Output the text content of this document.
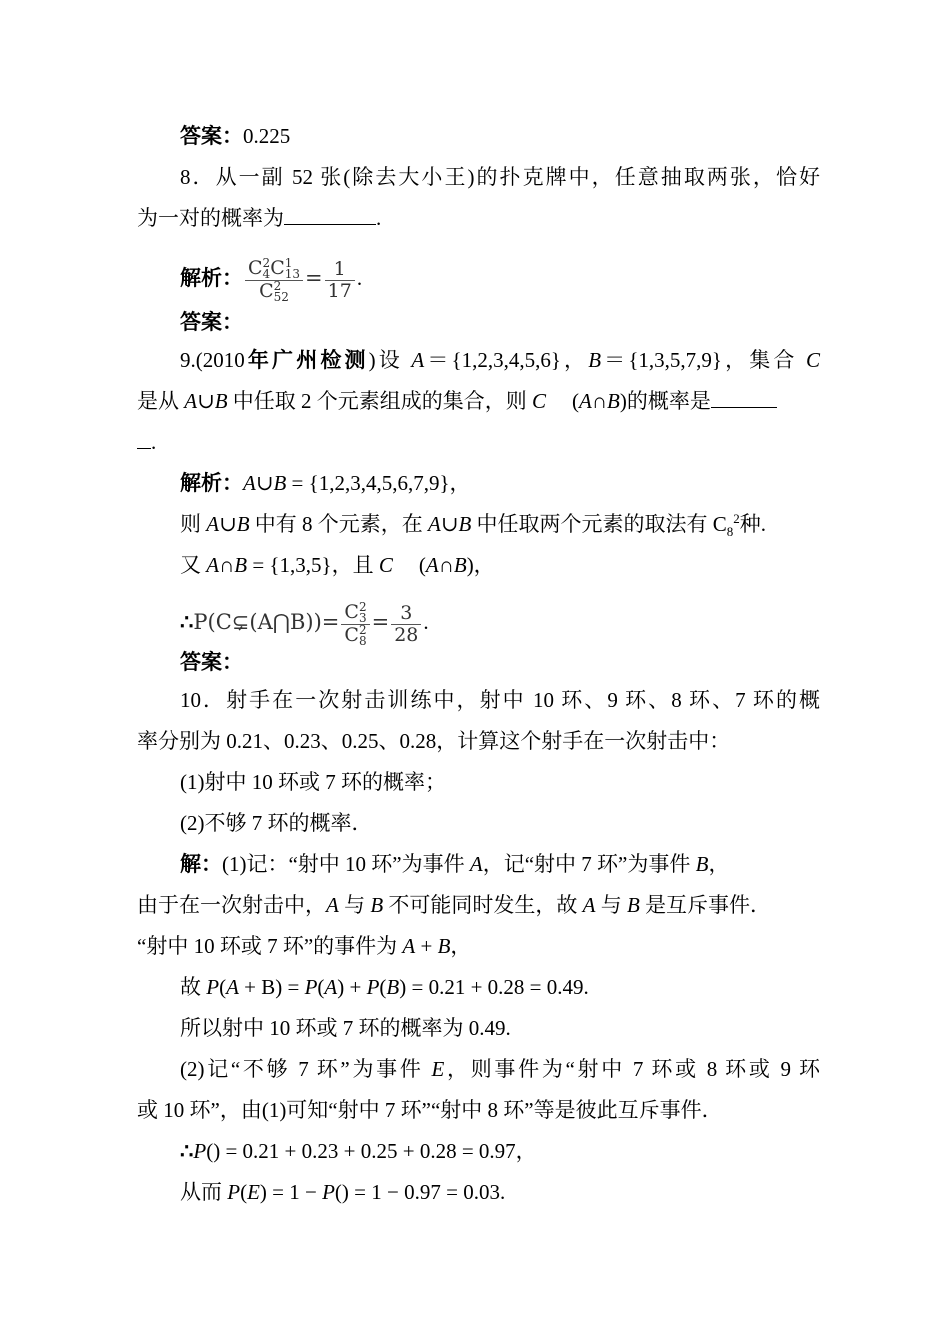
答案：0.225
8．从一副 52 张(除去大小王)的扑克牌中，任意抽取两张，恰好
为一对的概率为	.
解析： C 2
4 C 1
13
C 2
$52 = \frac{1}{17}$ .
答案：
9.(2010年广州检测)设 A＝{1,2,3,4,5,6}，B＝{1,3,5,7,9}，集合 C
是从 A∪B 中任取 2 个元素组成的集合，则 C (A∩B)的概率是
.
解析：A∪B = {1,2,3,4,5,6,7,9}，
则 A∪B 中有 8 个元素，在 A∪B 中任取两个元素的取法有 $C_8^2$种.
又 A∩B = {1,3,5}，且 C (A∩B)，
∴P(C⊊(A⋂B))= C 2
3
C 2
$8 = \frac{3}{28}$ .
答案：
10．射手在一次射击训练中，射中 10 环、9 环、8 环、7 环的概
率分别为 0.21、0.23、0.25、0.28，计算这个射手在一次射击中：
(1)射中 10 环或 7 环的概率；
(2)不够 7 环的概率．
解：(1)记：“射中 10 环”为事件 A，记“射中 7 环”为事件 B，
由于在一次射击中，A 与 B 不可能同时发生，故 A 与 B 是互斥事件．
“射中 10 环或 7 环”的事件为 A + B，
故 P(A + B) = P(A) + P(B) = 0.21 + 0.28 = 0.49.
所以射中 10 环或 7 环的概率为 0.49.
(2)记“不够 7 环”为事件 E，则事件为“射中 7 环或 8 环或 9 环
或 10 环”，由(1)可知“射中 7 环”“射中 8 环”等是彼此互斥事件．
∴P() = 0.21 + 0.23 + 0.25 + 0.28 = 0.97，
从而 P(E) = 1 − P() = 1 − 0.97 = 0.03.
